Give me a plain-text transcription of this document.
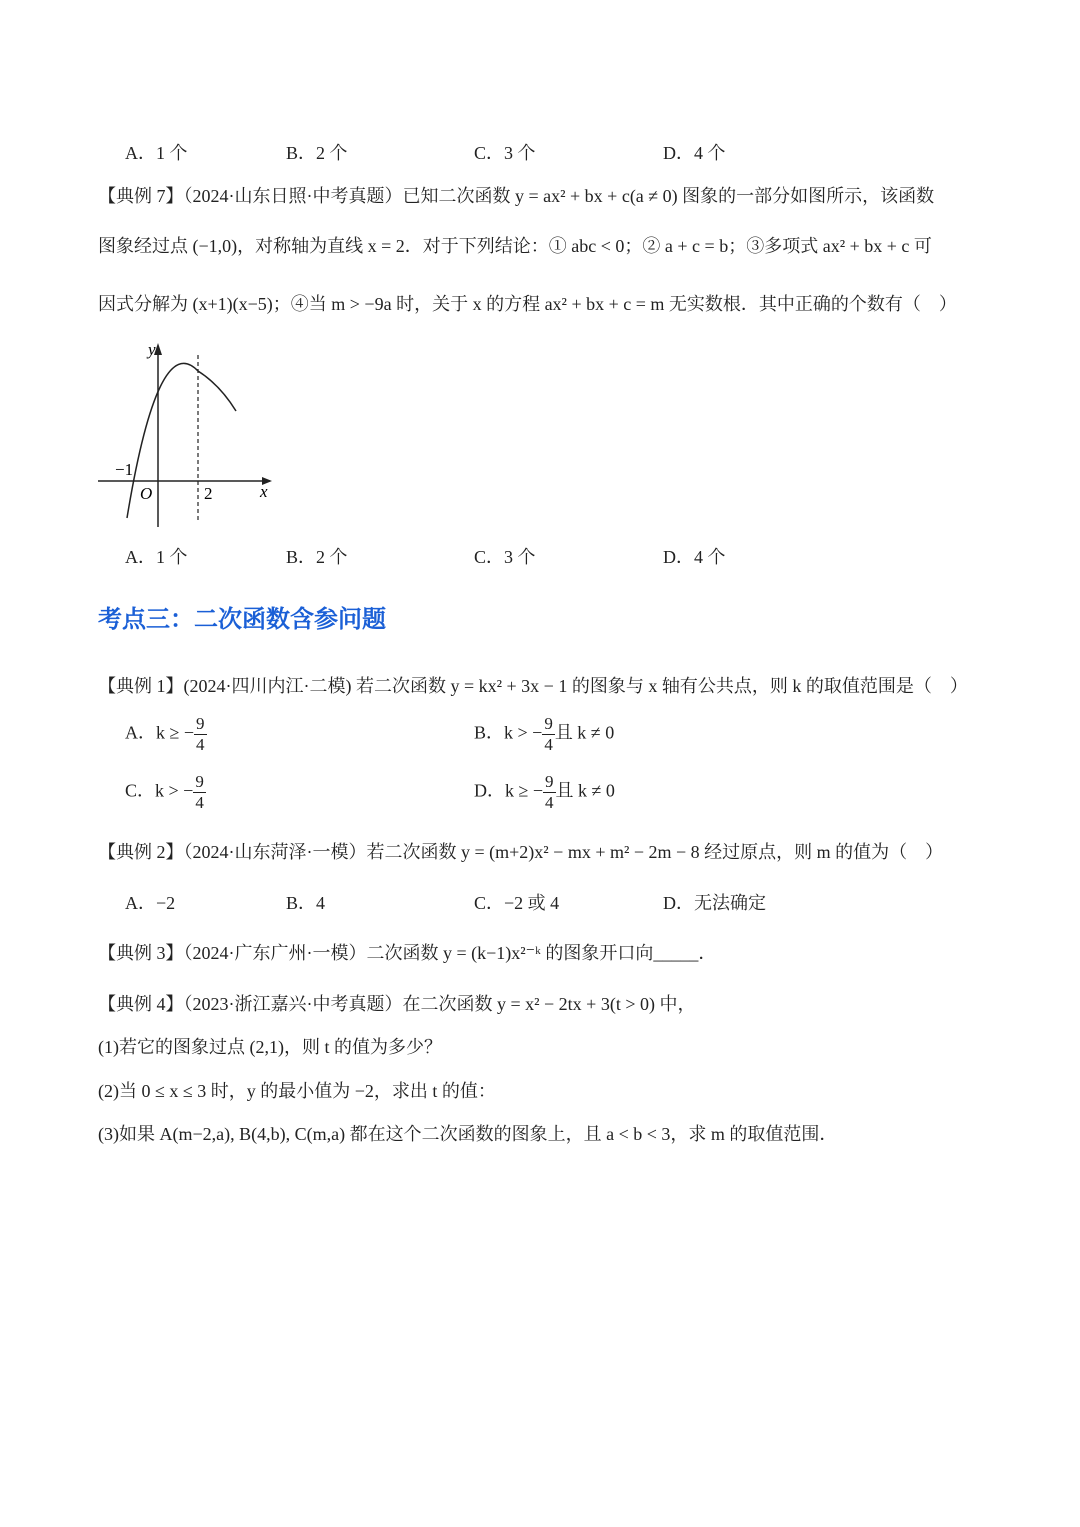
A．1 个	B．2 个	C．3 个	D．4 个
【典例 7】（2024·山东日照·中考真题）已知二次函数 y = ax² + bx + c(a ≠ 0) 图象的一部分如图所示，该函数
图象经过点 (−1,0)，对称轴为直线 x = 2．对于下列结论：① abc < 0；② a + c = b；③多项式 ax² + bx + c 可
因式分解为 (x+1)(x−5)；④当 m > −9a 时，关于 x 的方程 ax² + bx + c = m 无实数根．其中正确的个数有（　）
y
x
O
−1
2
A．1 个	B．2 个	C．3 个	D．4 个
考点三：二次函数含参问题
【典例 1】(2024·四川内江·二模) 若二次函数 y = kx² + 3x − 1 的图象与 x 轴有公共点，则 k 的取值范围是（　）
A．k ≥ − $\frac{9}{4}$	B．k > − $\frac{9}{4}$ 且 k ≠ 0
C．k > − $\frac{9}{4}$	D．k ≥ − $\frac{9}{4}$ 且 k ≠ 0
【典例 2】（2024·山东菏泽·一模）若二次函数 y = (m+2)x² − mx + m² − 2m − 8 经过原点，则 m 的值为（　）
A．−2	B．4	C．−2 或 4	D．无法确定
【典例 3】（2024·广东广州·一模）二次函数 y = (k−1)x²⁻ᵏ 的图象开口向_____．
【典例 4】（2023·浙江嘉兴·中考真题）在二次函数 y = x² − 2tx + 3(t > 0) 中，
(1)若它的图象过点 (2,1)，则 t 的值为多少？
(2)当 0 ≤ x ≤ 3 时，y 的最小值为 −2，求出 t 的值：
(3)如果 A(m−2,a), B(4,b), C(m,a) 都在这个二次函数的图象上，且 a < b < 3，求 m 的取值范围．
